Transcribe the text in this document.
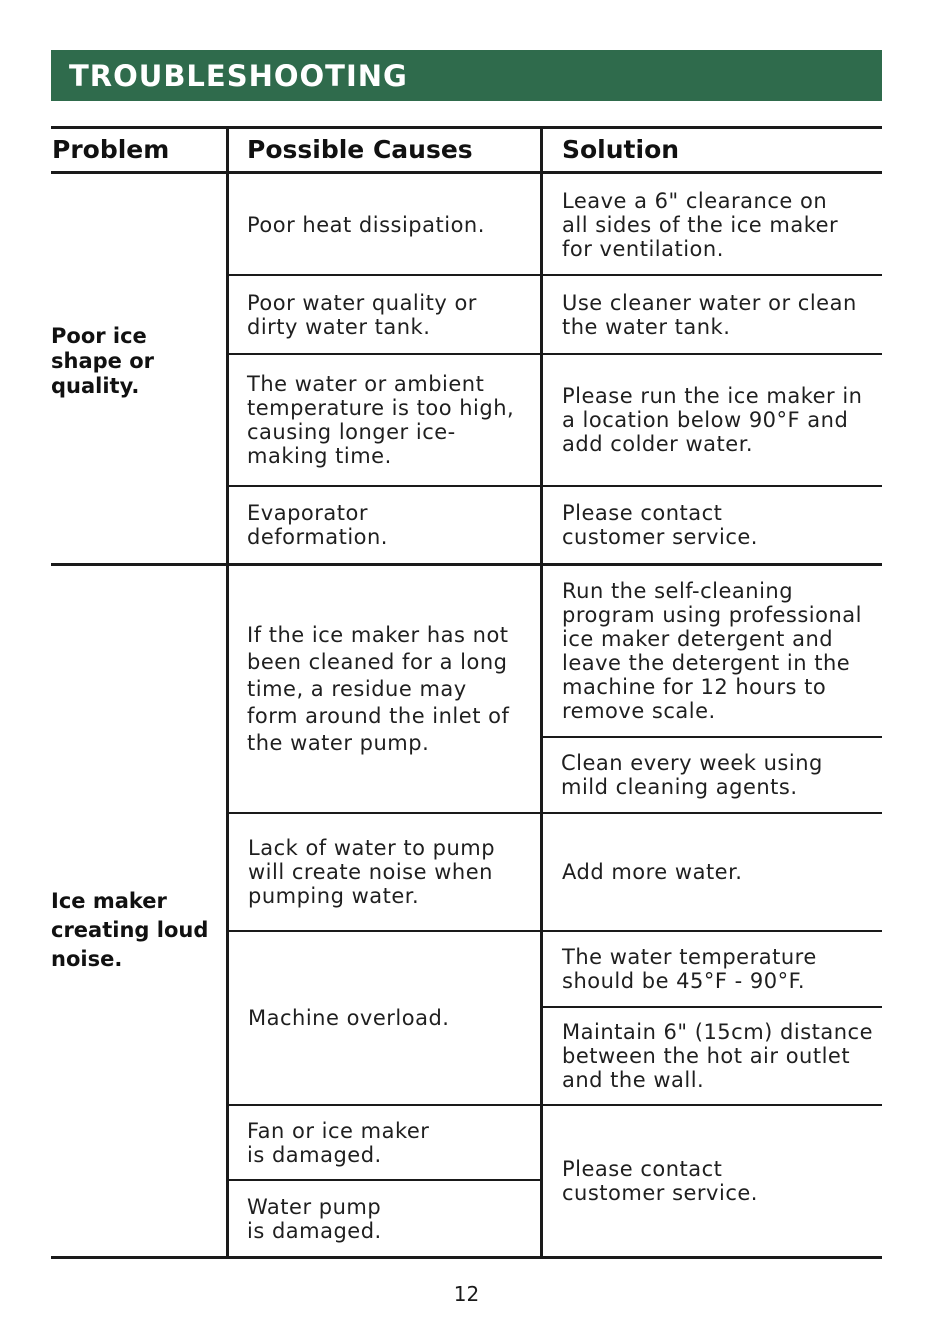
TROUBLESHOOTING
Problem	Possible Causes	Solution
Poor ice
shape or
quality.
Ice maker
creating loud
noise.
Poor heat dissipation.
Poor water quality or
dirty water tank.
The water or ambient
temperature is too high,
causing longer ice-
making time.
Evaporator
deformation.
If the ice maker has not
been cleaned for a long
time, a residue may
form around the inlet of
the water pump.
Lack of water to pump
will create noise when
pumping water.
Machine overload.
Fan or ice maker
is damaged.
Water pump
is damaged.
Leave a 6" clearance on
all sides of the ice maker
for ventilation.
Use cleaner water or clean
the water tank.
Please run the ice maker in
a location below 90°F and
add colder water.
Please contact
customer service.
Run the self-cleaning
program using professional
ice maker detergent and
leave the detergent in the
machine for 12 hours to
remove scale.
Clean every week using
mild cleaning agents.
Add more water.
The water temperature
should be 45°F - 90°F.
Maintain 6" (15cm) distance
between the hot air outlet
and the wall.
Please contact
customer service.
12
